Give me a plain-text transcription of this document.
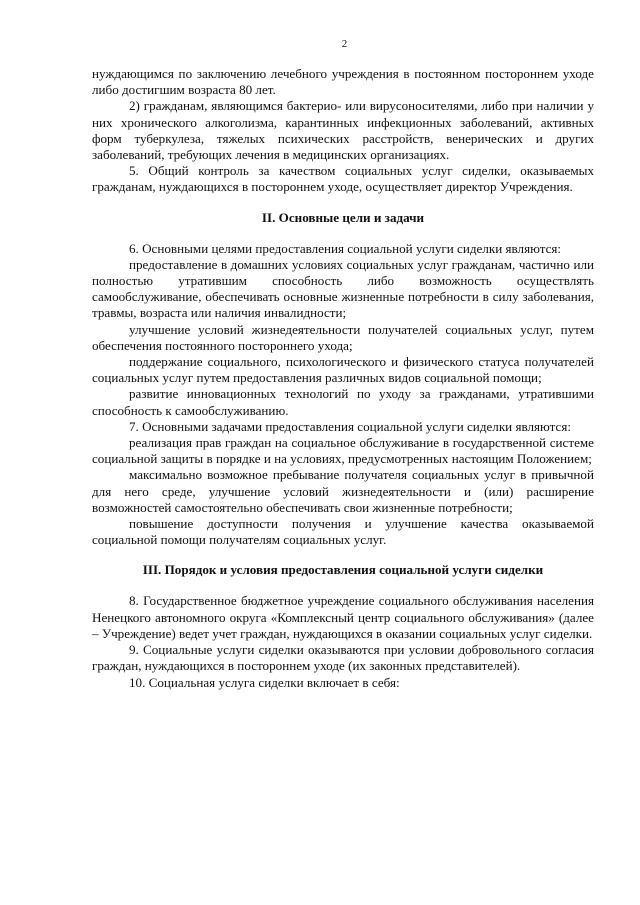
2

нуждающимся по заключению лечебного учреждения в постоянном постороннем уходе либо достигшим возраста 80 лет.

2) гражданам, являющимся бактерио- или вирусоносителями, либо при наличии у них хронического алкоголизма, карантинных инфекционных заболеваний, активных форм туберкулеза, тяжелых психических расстройств, венерических и других заболеваний, требующих лечения в медицинских организациях.

5. Общий контроль за качеством социальных услуг сиделки, оказываемых гражданам, нуждающихся в постороннем уходе, осуществляет директор Учреждения.

II. Основные цели и задачи

6. Основными целями предоставления социальной услуги сиделки являются:

предоставление в домашних условиях социальных услуг гражданам, частично или полностью утратившим способность либо возможность осуществлять самообслуживание, обеспечивать основные жизненные потребности в силу заболевания, травмы, возраста или наличия инвалидности;

улучшение условий жизнедеятельности получателей социальных услуг, путем обеспечения постоянного постороннего ухода;

поддержание социального, психологического и физического статуса получателей социальных услуг путем предоставления различных видов социальной помощи;

развитие инновационных технологий по уходу за гражданами, утратившими способность к самообслуживанию.

7. Основными задачами предоставления социальной услуги сиделки являются:

реализация прав граждан на социальное обслуживание в государственной системе социальной защиты в порядке и на условиях, предусмотренных настоящим Положением;

максимально возможное пребывание получателя социальных услуг в привычной для него среде, улучшение условий жизнедеятельности и (или) расширение возможностей самостоятельно обеспечивать свои жизненные потребности;

повышение доступности получения и улучшение качества оказываемой социальной помощи получателям социальных услуг.

III. Порядок и условия предоставления социальной услуги сиделки

8. Государственное бюджетное учреждение социального обслуживания населения Ненецкого автономного округа «Комплексный центр социального обслуживания» (далее – Учреждение) ведет учет граждан, нуждающихся в оказании социальных услуг сиделки.

9. Социальные услуги сиделки оказываются при условии добровольного согласия граждан, нуждающихся в постороннем уходе (их законных представителей).

10. Социальная услуга сиделки включает в себя:
